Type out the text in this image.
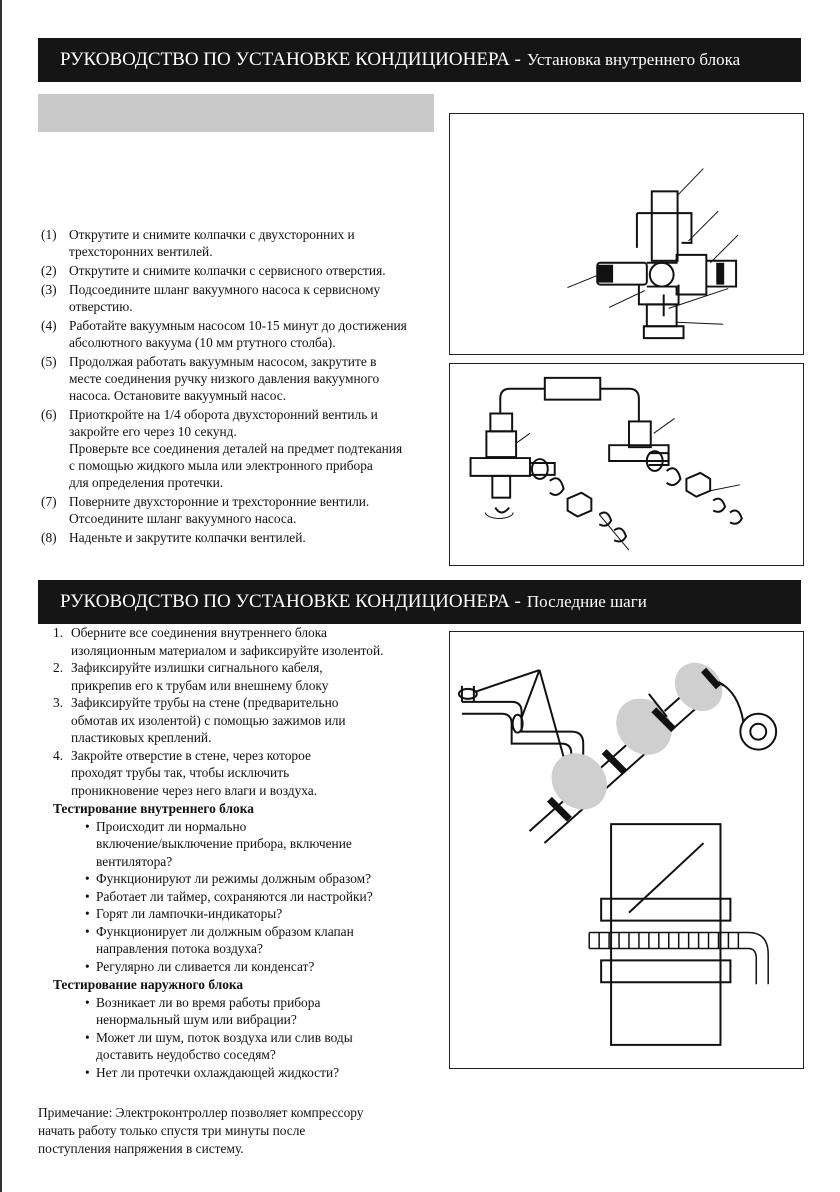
РУКОВОДСТВО ПО УСТАНОВКЕ КОНДИЦИОНЕРА - Установка внутреннего блока
(1) Открутите и снимите колпачки с двухсторонних и
трехсторонних вентилей.
(2) Открутите и снимите колпачки с сервисного отверстия.
(3) Подсоедините шланг вакуумного насоса к сервисному
отверстию.
(4) Работайте вакуумным насосом 10-15 минут до достижения
абсолютного вакуума (10 мм ртутного столба).
(5) Продолжая работать вакуумным насосом, закрутите в
месте соединения ручку низкого давления вакуумного
насоса. Остановите вакуумный насос.
(6) Приоткройте на 1/4 оборота двухсторонний вентиль и
закройте его через 10 секунд.
Проверьте все соединения деталей на предмет подтекания
с помощью жидкого мыла или электронного прибора
для определения протечки.
(7) Поверните двухсторонние и трехсторонние вентили.
Отсоедините шланг вакуумного насоса.
(8) Наденьте и закрутите колпачки вентилей.
РУКОВОДСТВО ПО УСТАНОВКЕ КОНДИЦИОНЕРА - Последние шаги
1. Оберните все соединения внутреннего блока
изоляционным материалом и зафиксируйте изолентой.
2. Зафиксируйте излишки сигнального кабеля,
прикрепив его к трубам или внешнему блоку
3. Зафиксируйте трубы на стене (предварительно
обмотав их изолентой) с помощью зажимов или
пластиковых креплений.
4. Закройте отверстие в стене, через которое
проходят трубы так, чтобы исключить
проникновение через него влаги и воздуха.
Тестирование внутреннего блока
• Происходит ли нормально
включение/выключение прибора, включение
вентилятора?
• Функционируют ли режимы должным образом?
• Работает ли таймер, сохраняются ли настройки?
• Горят ли лампочки-индикаторы?
• Функционирует ли должным образом клапан
направления потока воздуха?
• Регулярно ли сливается ли конденсат?
Тестирование наружного блока
• Возникает ли во время работы прибора
ненормальный шум или вибрации?
• Может ли шум, поток воздуха или слив воды
доставить неудобство соседям?
• Нет ли протечки охлаждающей жидкости?
Примечание: Электроконтроллер позволяет компрессору
начать работу только спустя три минуты после
поступления напряжения в систему.
